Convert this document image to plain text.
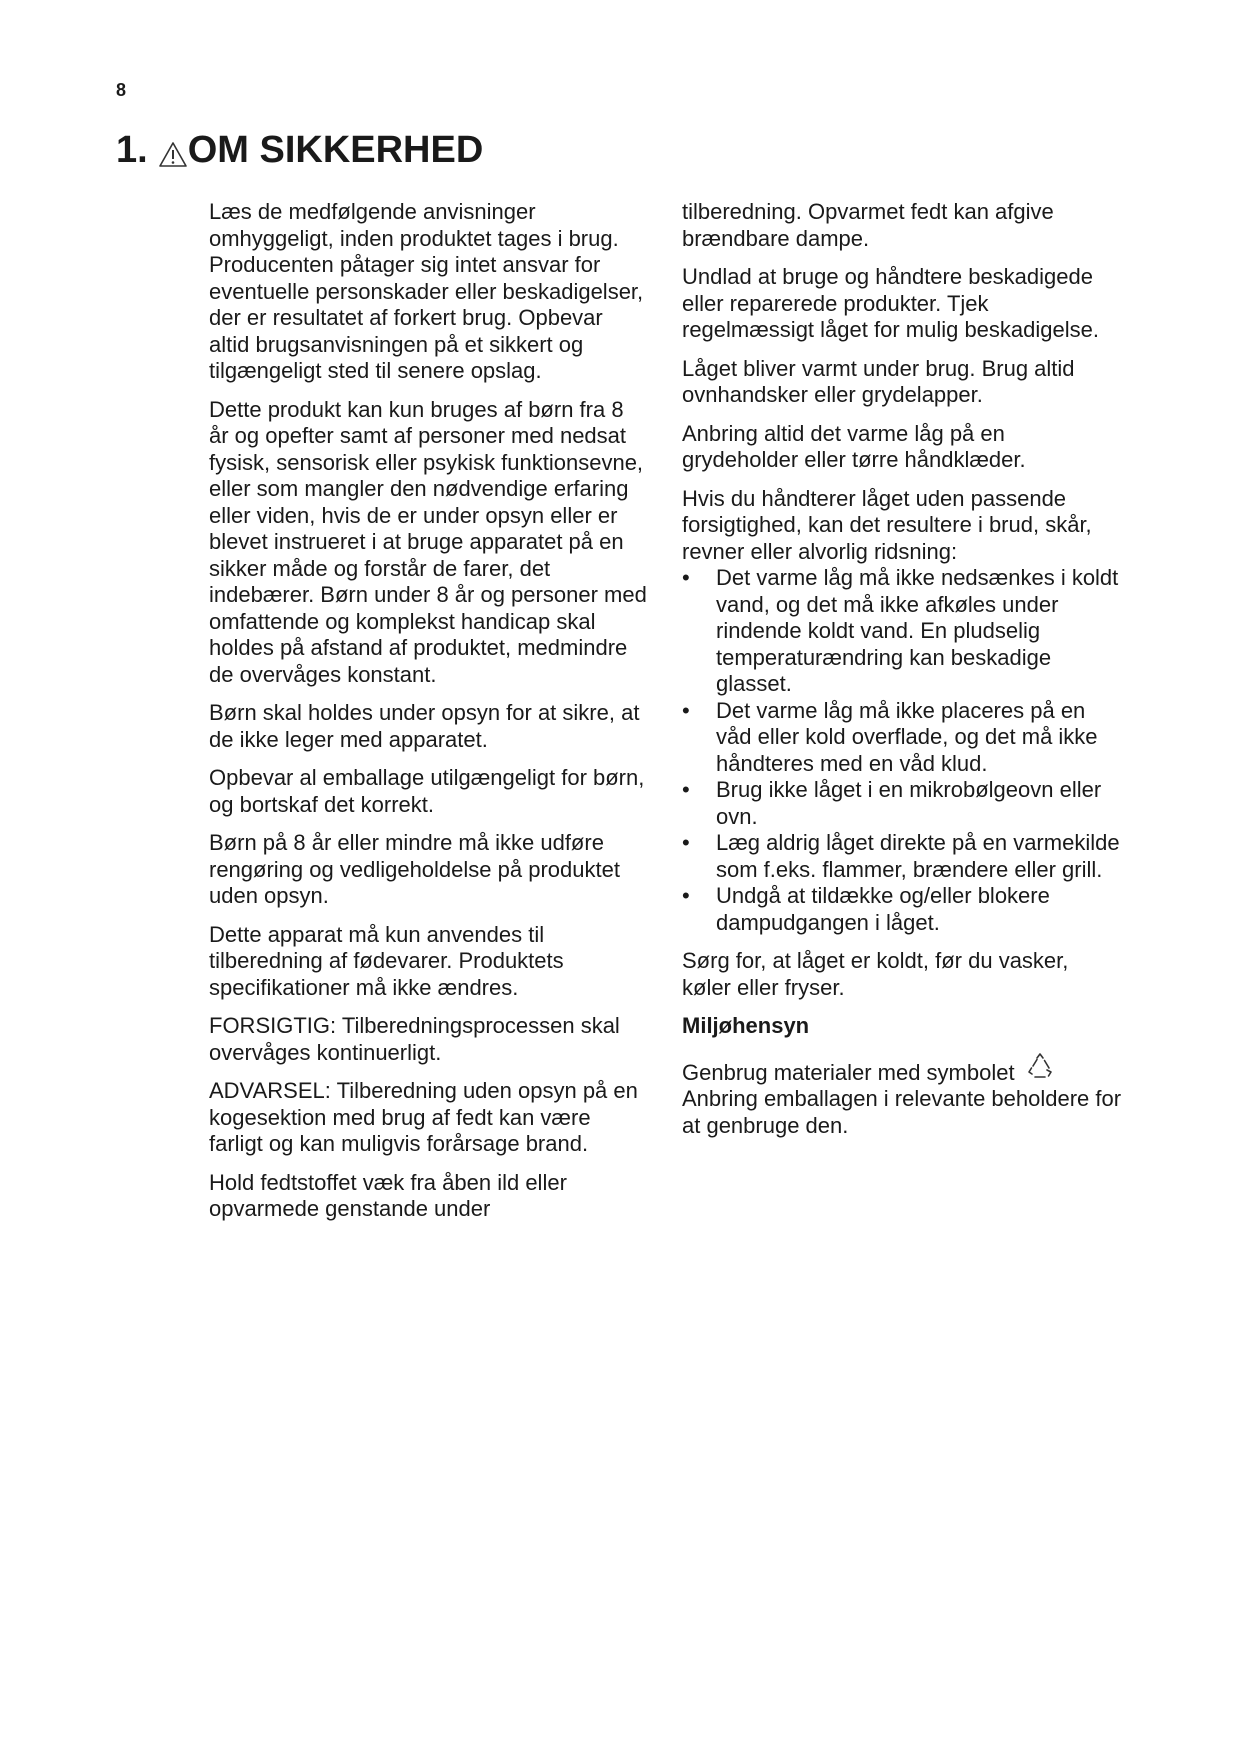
8
1. OM SIKKERHED

Læs de medfølgende anvisninger omhyggeligt, inden produktet tages i brug. Producenten påtager sig intet ansvar for eventuelle personskader eller beskadigelser, der er resultatet af forkert brug. Opbevar altid brugsanvisningen på et sikkert og tilgængeligt sted til senere opslag.

Dette produkt kan kun bruges af børn fra 8 år og opefter samt af personer med nedsat fysisk, sensorisk eller psykisk funktionsevne, eller som mangler den nødvendige erfaring eller viden, hvis de er under opsyn eller er blevet instrueret i at bruge apparatet på en sikker måde og forstår de farer, det indebærer. Børn under 8 år og personer med omfattende og komplekst handicap skal holdes på afstand af produktet, medmindre de overvåges konstant.

Børn skal holdes under opsyn for at sikre, at de ikke leger med apparatet.

Opbevar al emballage utilgængeligt for børn, og bortskaf det korrekt.

Børn på 8 år eller mindre må ikke udføre rengøring og vedligeholdelse på produktet uden opsyn.

Dette apparat må kun anvendes til tilberedning af fødevarer. Produktets specifikationer må ikke ændres.

FORSIGTIG: Tilberedningsprocessen skal overvåges kontinuerligt.

ADVARSEL: Tilberedning uden opsyn på en kogesektion med brug af fedt kan være farligt og kan muligvis forårsage brand.

Hold fedtstoffet væk fra åben ild eller opvarmede genstande under

tilberedning. Opvarmet fedt kan afgive brændbare dampe.

Undlad at bruge og håndtere beskadigede eller reparerede produkter. Tjek regelmæssigt låget for mulig beskadigelse.

Låget bliver varmt under brug. Brug altid ovnhandsker eller grydelapper.

Anbring altid det varme låg på en grydeholder eller tørre håndklæder.

Hvis du håndterer låget uden passende forsigtighed, kan det resultere i brud, skår, revner eller alvorlig ridsning:

• Det varme låg må ikke nedsænkes i koldt vand, og det må ikke afkøles under rindende koldt vand. En pludselig temperaturændring kan beskadige glasset.
• Det varme låg må ikke placeres på en våd eller kold overflade, og det må ikke håndteres med en våd klud.
• Brug ikke låget i en mikrobølgeovn eller ovn.
• Læg aldrig låget direkte på en varmekilde som f.eks. flammer, brændere eller grill.
• Undgå at tildække og/eller blokere dampudgangen i låget.

Sørg for, at låget er koldt, før du vasker, køler eller fryser.

Miljøhensyn

Genbrug materialer med symbolet  Anbring emballagen i relevante beholdere for at genbruge den.
